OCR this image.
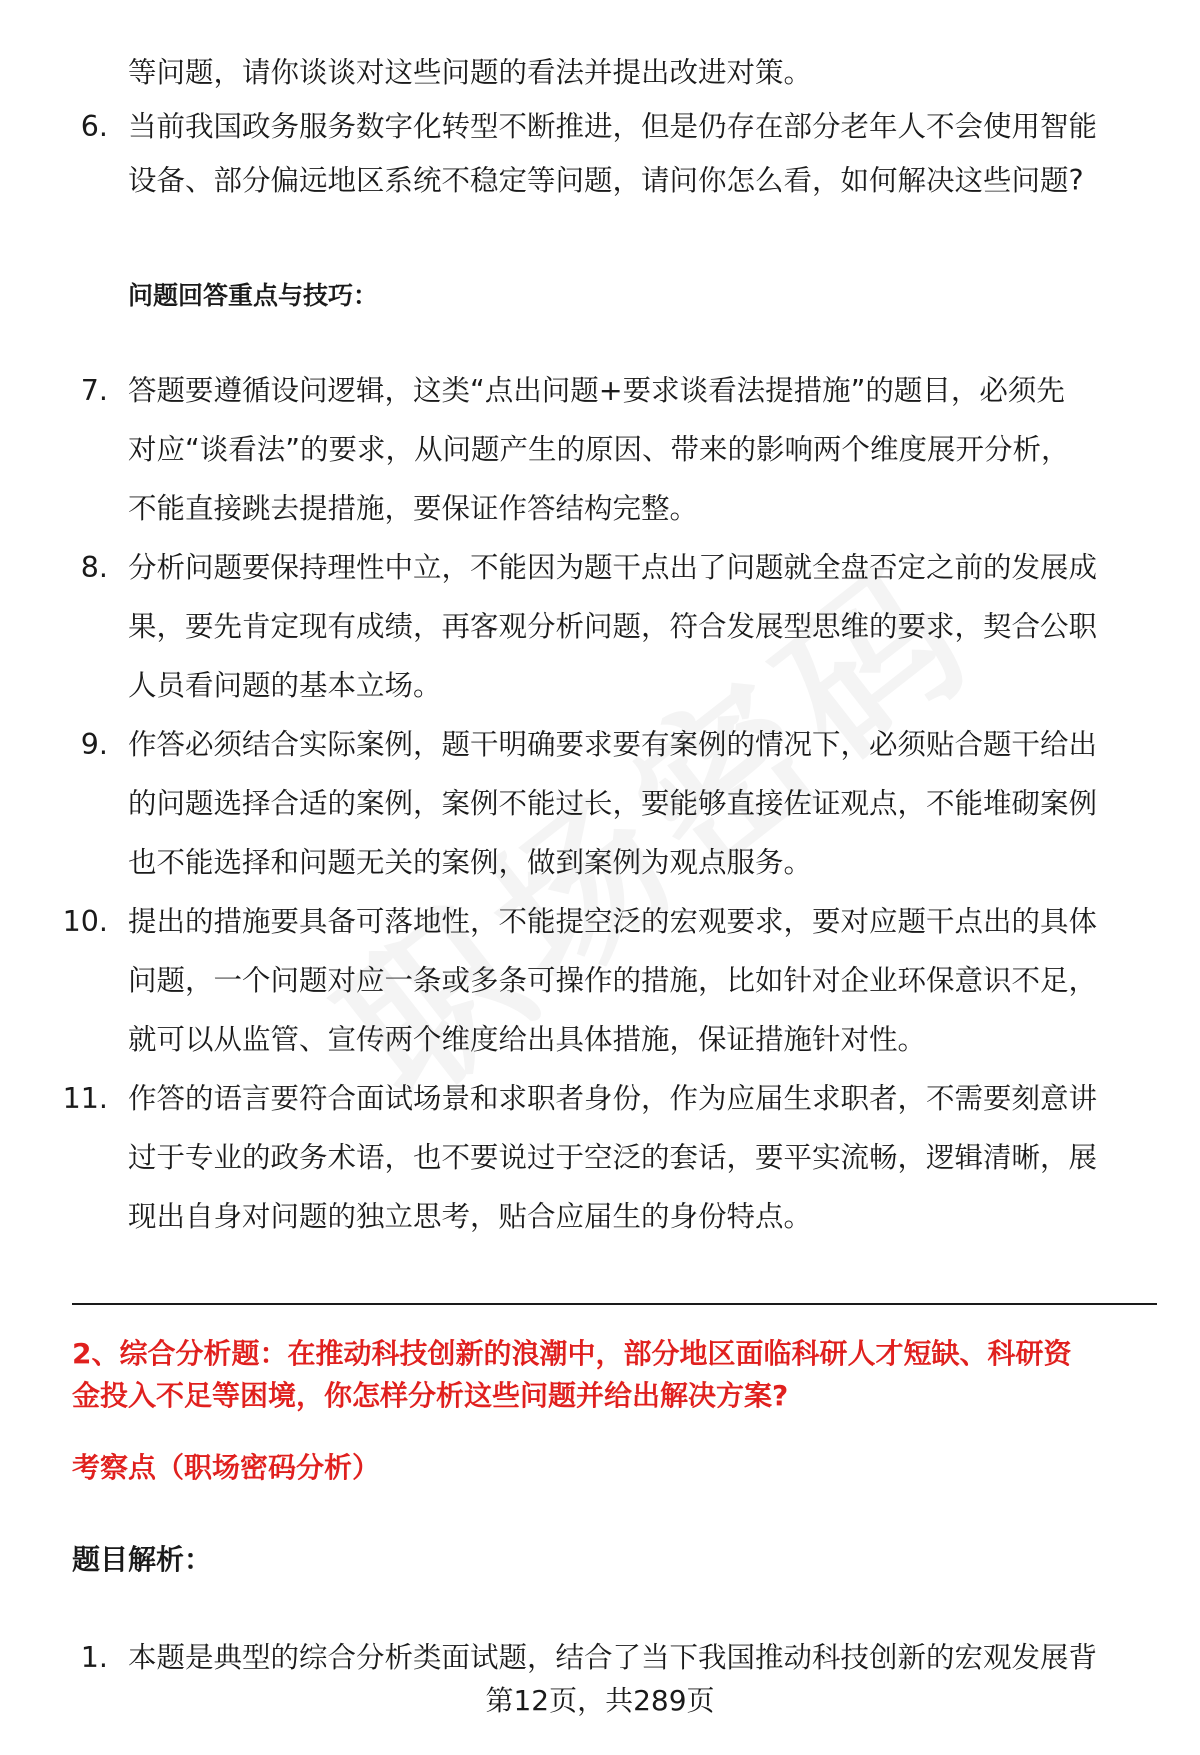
等问题，请你谈谈对这些问题的看法并提出改进对策。
6. 当前我国政务服务数字化转型不断推进，但是仍存在部分老年人不会使用智能
设备、部分偏远地区系统不稳定等问题，请问你怎么看，如何解决这些问题?
问题回答重点与技巧：
7. 答题要遵循设问逻辑，这类“点出问题+要求谈看法提措施”的题目，必须先
对应“谈看法”的要求，从问题产生的原因、带来的影响两个维度展开分析，
不能直接跳去提措施，要保证作答结构完整。
8. 分析问题要保持理性中立，不能因为题干点出了问题就全盘否定之前的发展成
果，要先肯定现有成绩，再客观分析问题，符合发展型思维的要求，契合公职
人员看问题的基本立场。
9. 作答必须结合实际案例，题干明确要求要有案例的情况下，必须贴合题干给出
的问题选择合适的案例，案例不能过长，要能够直接佐证观点，不能堆砌案例
也不能选择和问题无关的案例，做到案例为观点服务。
10. 提出的措施要具备可落地性，不能提空泛的宏观要求，要对应题干点出的具体
问题，一个问题对应一条或多条可操作的措施，比如针对企业环保意识不足，
就可以从监管、宣传两个维度给出具体措施，保证措施针对性。
11. 作答的语言要符合面试场景和求职者身份，作为应届生求职者，不需要刻意讲
过于专业的政务术语，也不要说过于空泛的套话，要平实流畅，逻辑清晰，展
现出自身对问题的独立思考，贴合应届生的身份特点。
2、综合分析题：在推动科技创新的浪潮中，部分地区面临科研人才短缺、科研资
金投入不足等困境，你怎样分析这些问题并给出解决方案?
考察点（职场密码分析）
题目解析：
1. 本题是典型的综合分析类面试题，结合了当下我国推动科技创新的宏观发展背
第12页，共289页
